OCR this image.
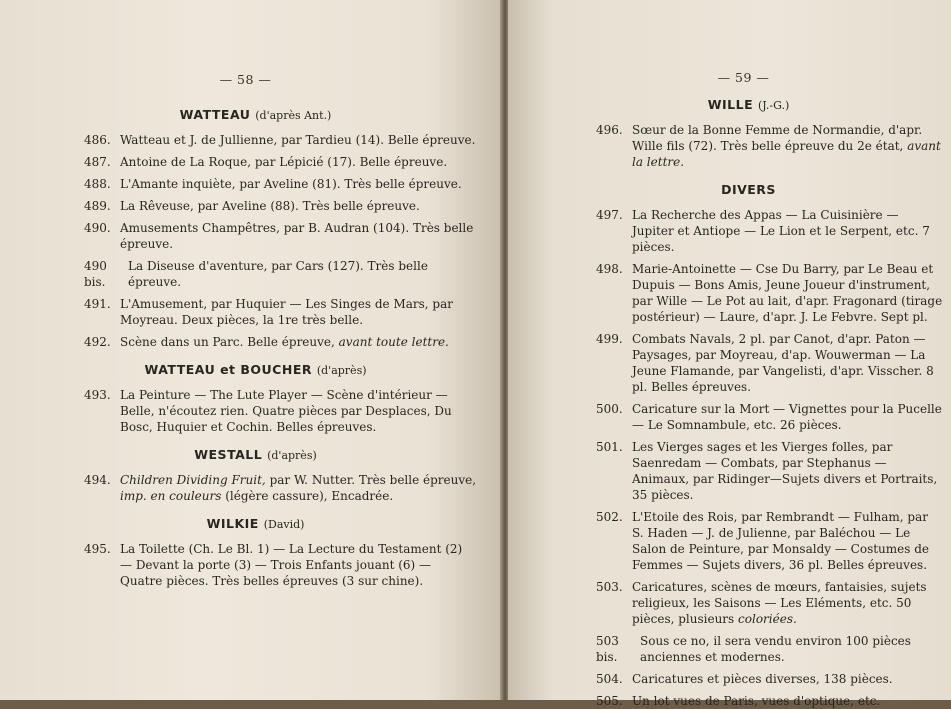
— 58 —
WATTEAU (d'après Ant.)
486. Watteau et J. de Jullienne, par Tardieu (14). Belle épreuve.
487. Antoine de La Roque, par Lépicié (17). Belle épreuve.
488. L'Amante inquiète, par Aveline (81). Très belle épreuve.
489. La Rêveuse, par Aveline (88). Très belle épreuve.
490. Amusements Champêtres, par B. Audran (104). Très belle épreuve.
490 bis.
La Diseuse d'aventure, par Cars (127). Très belle épreuve.
491. L'Amusement, par Huquier — Les Singes de Mars, par Moyreau. Deux pièces, la 1re très belle.
492. Scène dans un Parc. Belle épreuve, avant toute lettre.
WATTEAU et BOUCHER (d'après)
493. La Peinture — The Lute Player — Scène d'intérieur — Belle, n'écoutez rien. Quatre pièces par Desplaces, Du Bosc, Huquier et Cochin. Belles épreuves.
WESTALL (d'après)
494. Children Dividing Fruit, par W. Nutter. Très belle épreuve, imp. en couleurs (légère cassure), Encadrée.
WILKIE (David)
495. La Toilette (Ch. Le Bl. 1) — La Lecture du Testament (2) — Devant la porte (3) — Trois Enfants jouant (6) — Quatre pièces. Très belles épreuves (3 sur chine).
— 59 —
WILLE (J.-G.)
496. Sœur de la Bonne Femme de Normandie, d'apr. Wille fils (72). Très belle épreuve du 2e état, avant la lettre.
DIVERS
497. La Recherche des Appas — La Cuisinière — Jupiter et Antiope — Le Lion et le Serpent, etc. 7 pièces.
498. Marie-Antoinette — Cse Du Barry, par Le Beau et Dupuis — Bons Amis, Jeune Joueur d'instrument, par Wille — Le Pot au lait, d'apr. Fragonard (tirage postérieur) — Laure, d'apr. J. Le Febvre. Sept pl.
499. Combats Navals, 2 pl. par Canot, d'apr. Paton — Paysages, par Moyreau, d'ap. Wouwerman — La Jeune Flamande, par Vangelisti, d'apr. Visscher. 8 pl. Belles épreuves.
500. Caricature sur la Mort — Vignettes pour la Pucelle — Le Somnambule, etc. 26 pièces.
501. Les Vierges sages et les Vierges folles, par Saenredam — Combats, par Stephanus — Animaux, par Ridinger—Sujets divers et Portraits, 35 pièces.
502. L'Etoile des Rois, par Rembrandt — Fulham, par S. Haden — J. de Julienne, par Baléchou — Le Salon de Peinture, par Monsaldy — Costumes de Femmes — Sujets divers, 36 pl. Belles épreuves.
503. Caricatures, scènes de mœurs, fantaisies, sujets religieux, les Saisons — Les Eléments, etc. 50 pièces, plusieurs coloriées.
503 bis.
Sous ce no, il sera vendu environ 100 pièces anciennes et modernes.
504. Caricatures et pièces diverses, 138 pièces.
505. Un lot vues de Paris, vues d'optique, etc.
